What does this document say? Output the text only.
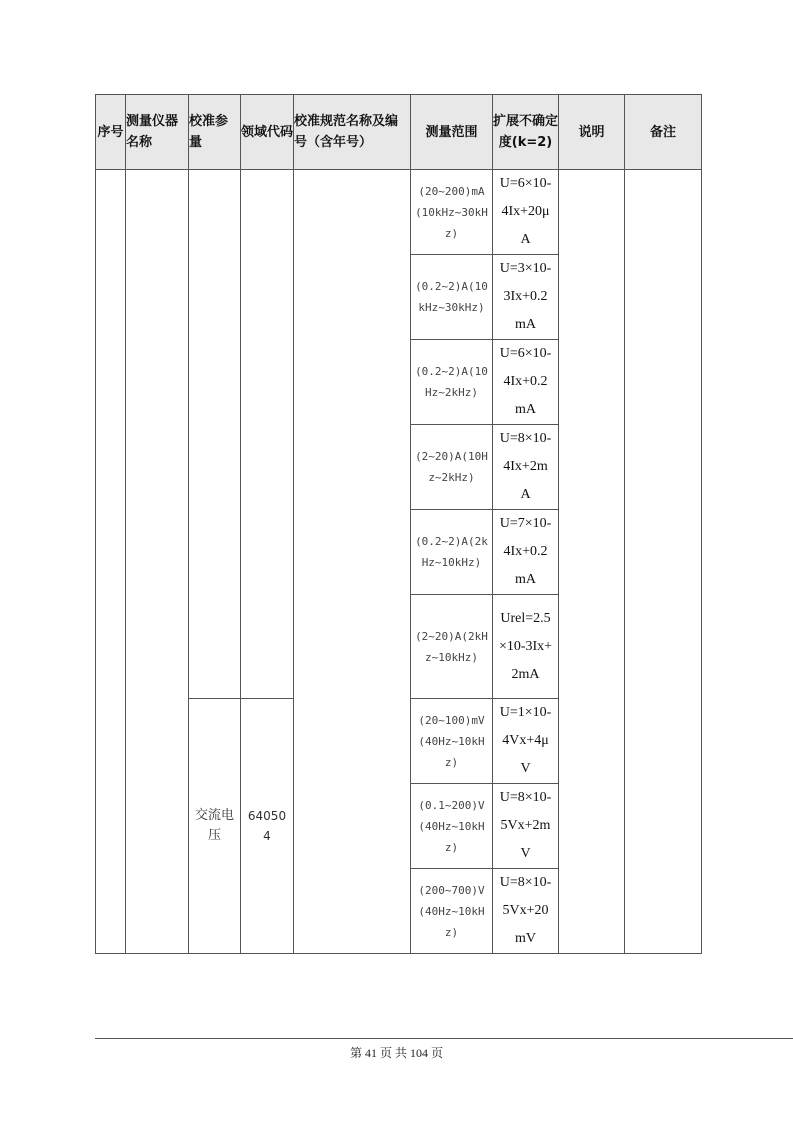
序号	测量仪器名称	校准参量	领域代码	校准规范名称及编号（含年号）	测量范围	扩展不确定度(k=2)	说明	备注
					(20~200)mA(10kHz~30kHz)	U=6×10-4Ix+20μA		
					(0.2~2)A(10kHz~30kHz)	U=3×10-3Ix+0.2mA		
					(0.2~2)A(10Hz~2kHz)	U=6×10-4Ix+0.2mA		
					(2~20)A(10Hz~2kHz)	U=8×10-4Ix+2mA		
					(0.2~2)A(2kHz~10kHz)	U=7×10-4Ix+0.2mA		
					(2~20)A(2kHz~10kHz)	Urel=2.5×10-3Ix+2mA		
		交流电压	640504		(20~100)mV(40Hz~10kHz)	U=1×10-4Vx+4μV		
					(0.1~200)V(40Hz~10kHz)	U=8×10-5Vx+2mV		
					(200~700)V(40Hz~10kHz)	U=8×10-5Vx+20mV		
第 41 页 共 104 页
